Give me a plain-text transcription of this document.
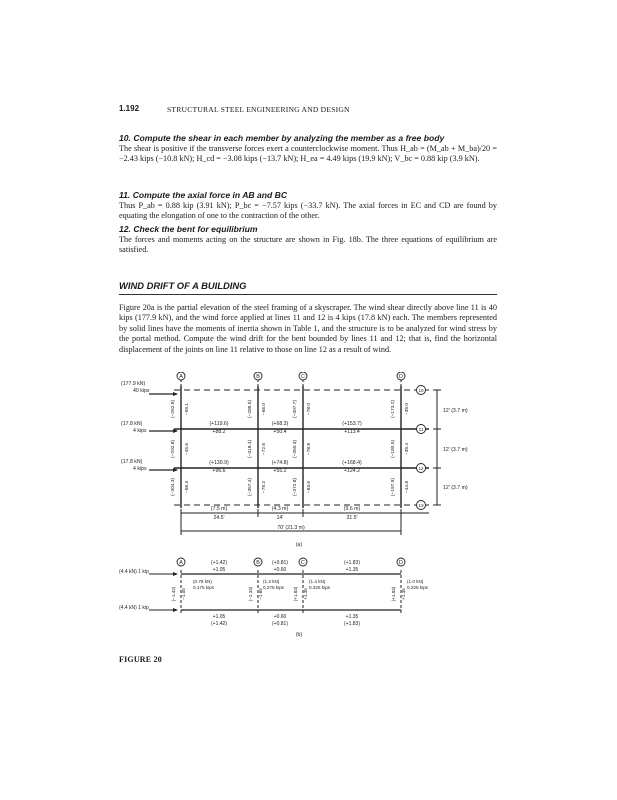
1.192	STRUCTURAL STEEL ENGINEERING AND DESIGN
10. Compute the shear in each member by analyzing the member as a free body
The shear is positive if the transverse forces exert a counterclockwise moment. Thus H_ab = (M_ab + M_ba)/20 = −2.43 kips (−10.8 kN); H_cd = −3.08 kips (−13.7 kN); H_ea = 4.49 kips (19.9 kN); V_bc = 0.88 kip (3.9 kN).
11. Compute the axial force in AB and BC
Thus P_ab = 0.88 kip (3.91 kN); P_bc = −7.57 kips (−33.7 kN). The axial forces in EC and CD are found by equating the elongation of one to the contraction of the other.
12. Check the bent for equilibrium
The forces and moments acting on the structure are shown in Fig. 18b. The three equations of equilibrium are satisfied.
WIND DRIFT OF A BUILDING
Figure 20a is the partial elevation of the steel framing of a skyscraper. The wind shear directly above line 11 is 40 kips (177.9 kN), and the wind force applied at lines 11 and 12 is 4 kips (17.8 kN) each. The members represented by solid lines have the moments of inertia shown in Table 1, and the structure is to be analyzed for wind stress by the portal method. Compute the wind drift for the bent bounded by lines 11 and 12; that is, find the horizontal displacement of the joints on line 11 relative to those on line 12 as a result of wind.
A	B	C	D
10
11
12
13
(177.9 kN)
40 kips
(17.8 kN)
4 kips
(17.8 kN)
4 kips
12' (3.7 m)
12' (3.7 m)
12' (3.7 m)
(+119.6)
+88.2
(+68.3)
+50.4
(+153.7)
+113.4
(+130.9)
+96.6
(+74.8)
+55.2
(+168.4)
+124.2
(−262.9) −59.1	(−289.5) −66.0	(−307.7) −78.0	(−173.2) −39.0
(−202.8) −45.6	(−318.4) −72.6	(−350.3) −78.8	(−180.5) −39.4
(−304.3) −68.3	(−357.4) −79.2	(−372.8) −83.6	(−197.9) −44.8
(7.5 m)
24.5'
(4.3 m)
14'
(9.6 m)
31.5'
70' (21.3 m)
(a)
A	B	C	D
(4.4 kN) 1 kip
(4.4 kN) 1 kip
(+1.42)
+1.05
(+0.81)
+0.60
(+1.83)
+1.35
+1.05
(+1.42)
+0.60
(+0.81)
+1.35
(+1.83)
(0.78 kN)
0.175 kips
(1.2 kN)
0.275 kips
(1.4 kN)
0.325 kips
(1.0 kN)
0.225 kips
(−1.42) −1.05	(−2.34) −1.65	(+1.83) +1.35	(+1.83) +1.35
(b)
FIGURE 20
